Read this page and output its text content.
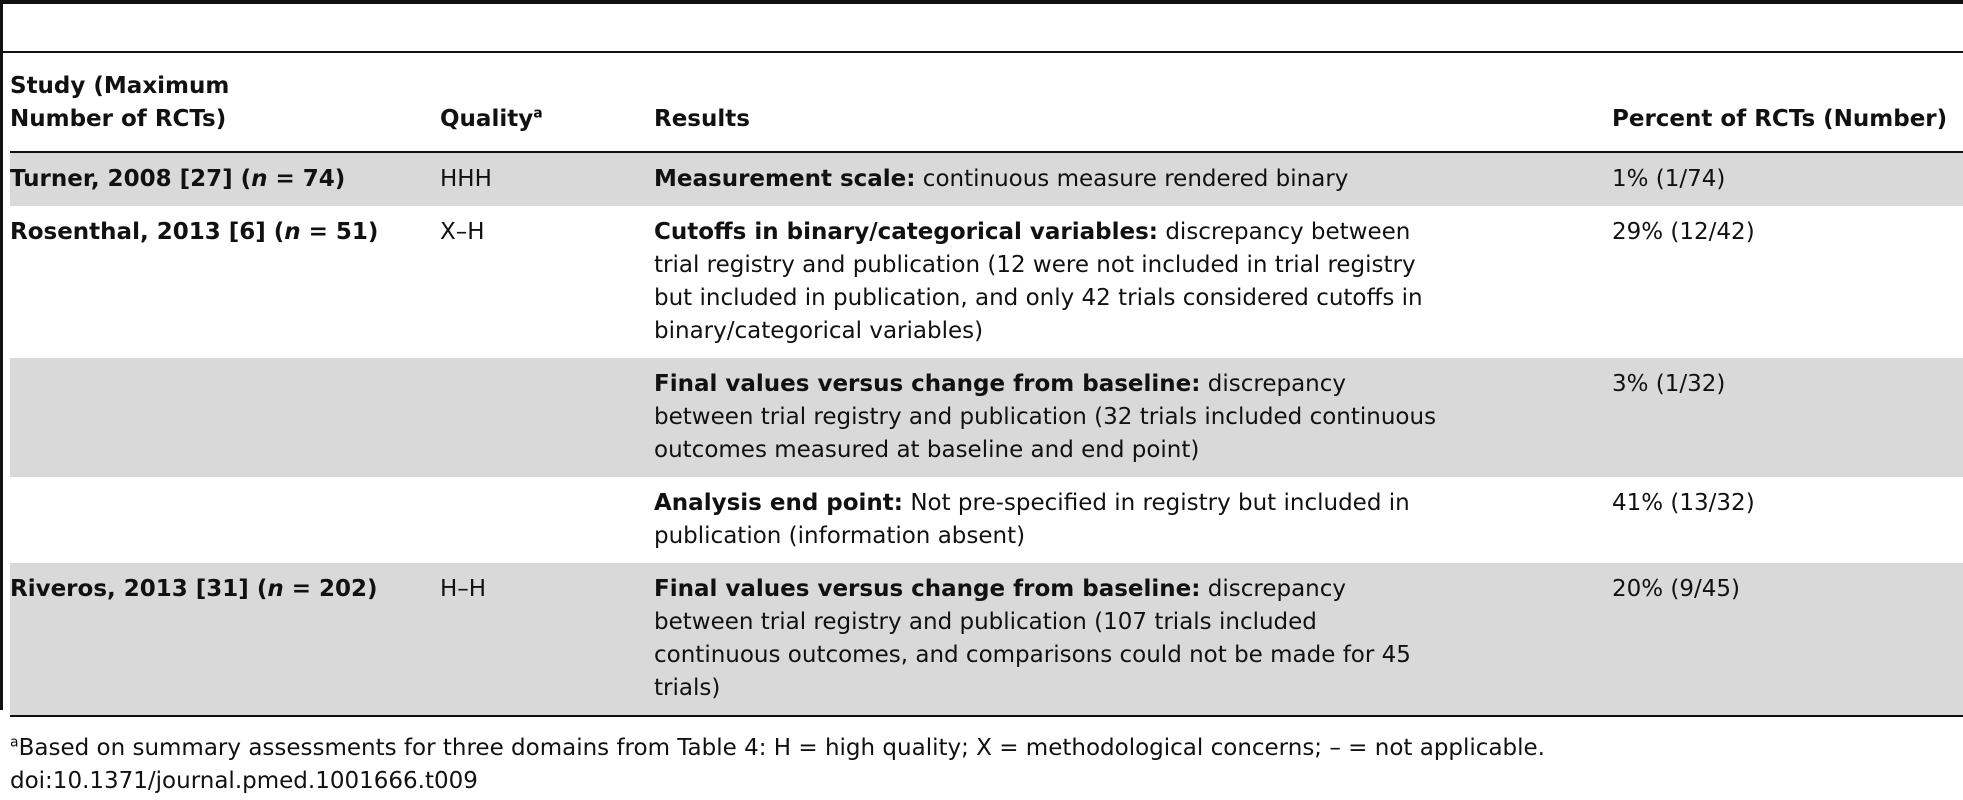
Study (Maximum Number of RCTs)	Quality$^a$	Results	Percent of RCTs (Number)
Turner, 2008 [27] (n = 74)	HHH	Measurement scale: continuous measure rendered binary	1% (1/74)
Rosenthal, 2013 [6] (n = 51)	X–H	Cutoffs in binary/categorical variables: discrepancy between trial registry and publication (12 were not included in trial registry but included in publication, and only 42 trials considered cutoffs in binary/categorical variables)	29% (12/42)
		Final values versus change from baseline: discrepancy between trial registry and publication (32 trials included continuous outcomes measured at baseline and end point)	3% (1/32)
		Analysis end point: Not pre-specified in registry but included in publication (information absent)	41% (13/32)
Riveros, 2013 [31] (n = 202)	H–H	Final values versus change from baseline: discrepancy between trial registry and publication (107 trials included continuous outcomes, and comparisons could not be made for 45 trials)	20% (9/45)
$^a$Based on summary assessments for three domains from Table 4: H = high quality; X = methodological concerns; – = not applicable.
doi:10.1371/journal.pmed.1001666.t009
